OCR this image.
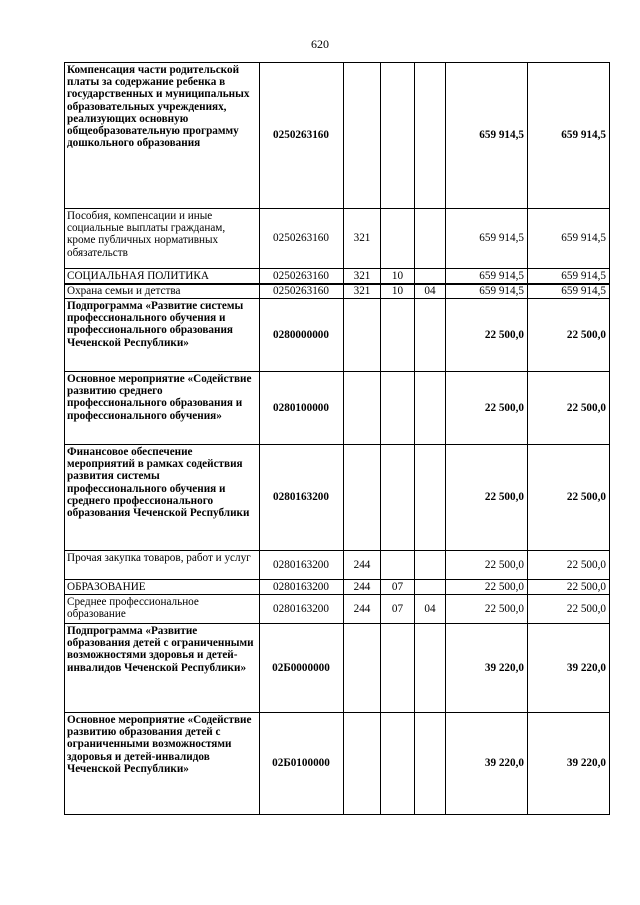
620
Компенсация части родительской платы за содержание ребенка в государственных и муниципальных образовательных учреждениях, реализующих основную общеобразовательную программу дошкольного образования	0250263160				659 914,5	659 914,5
Пособия, компенсации и иные социальные выплаты гражданам, кроме публичных нормативных обязательств	0250263160	321			659 914,5	659 914,5
СОЦИАЛЬНАЯ ПОЛИТИКА	0250263160	321	10		659 914,5	659 914,5
Охрана семьи и детства	0250263160	321	10	04	659 914,5	659 914,5
Подпрограмма «Развитие системы профессионального обучения и профессионального образования Чеченской Республики»	0280000000				22 500,0	22 500,0
Основное мероприятие «Содействие развитию среднего профессионального образования и профессионального обучения»	0280100000				22 500,0	22 500,0
Финансовое обеспечение мероприятий в рамках содействия развития системы профессионального обучения и среднего профессионального образования Чеченской Республики	0280163200				22 500,0	22 500,0
Прочая закупка товаров, работ и услуг	0280163200	244			22 500,0	22 500,0
ОБРАЗОВАНИЕ	0280163200	244	07		22 500,0	22 500,0
Среднее профессиональное образование	0280163200	244	07	04	22 500,0	22 500,0
Подпрограмма «Развитие образования детей с ограниченными возможностями здоровья и детей-инвалидов Чеченской Республики»	02Б0000000				39 220,0	39 220,0
Основное мероприятие «Содействие развитию образования детей с ограниченными возможностями здоровья и детей-инвалидов Чеченской Республики»	02Б0100000				39 220,0	39 220,0
